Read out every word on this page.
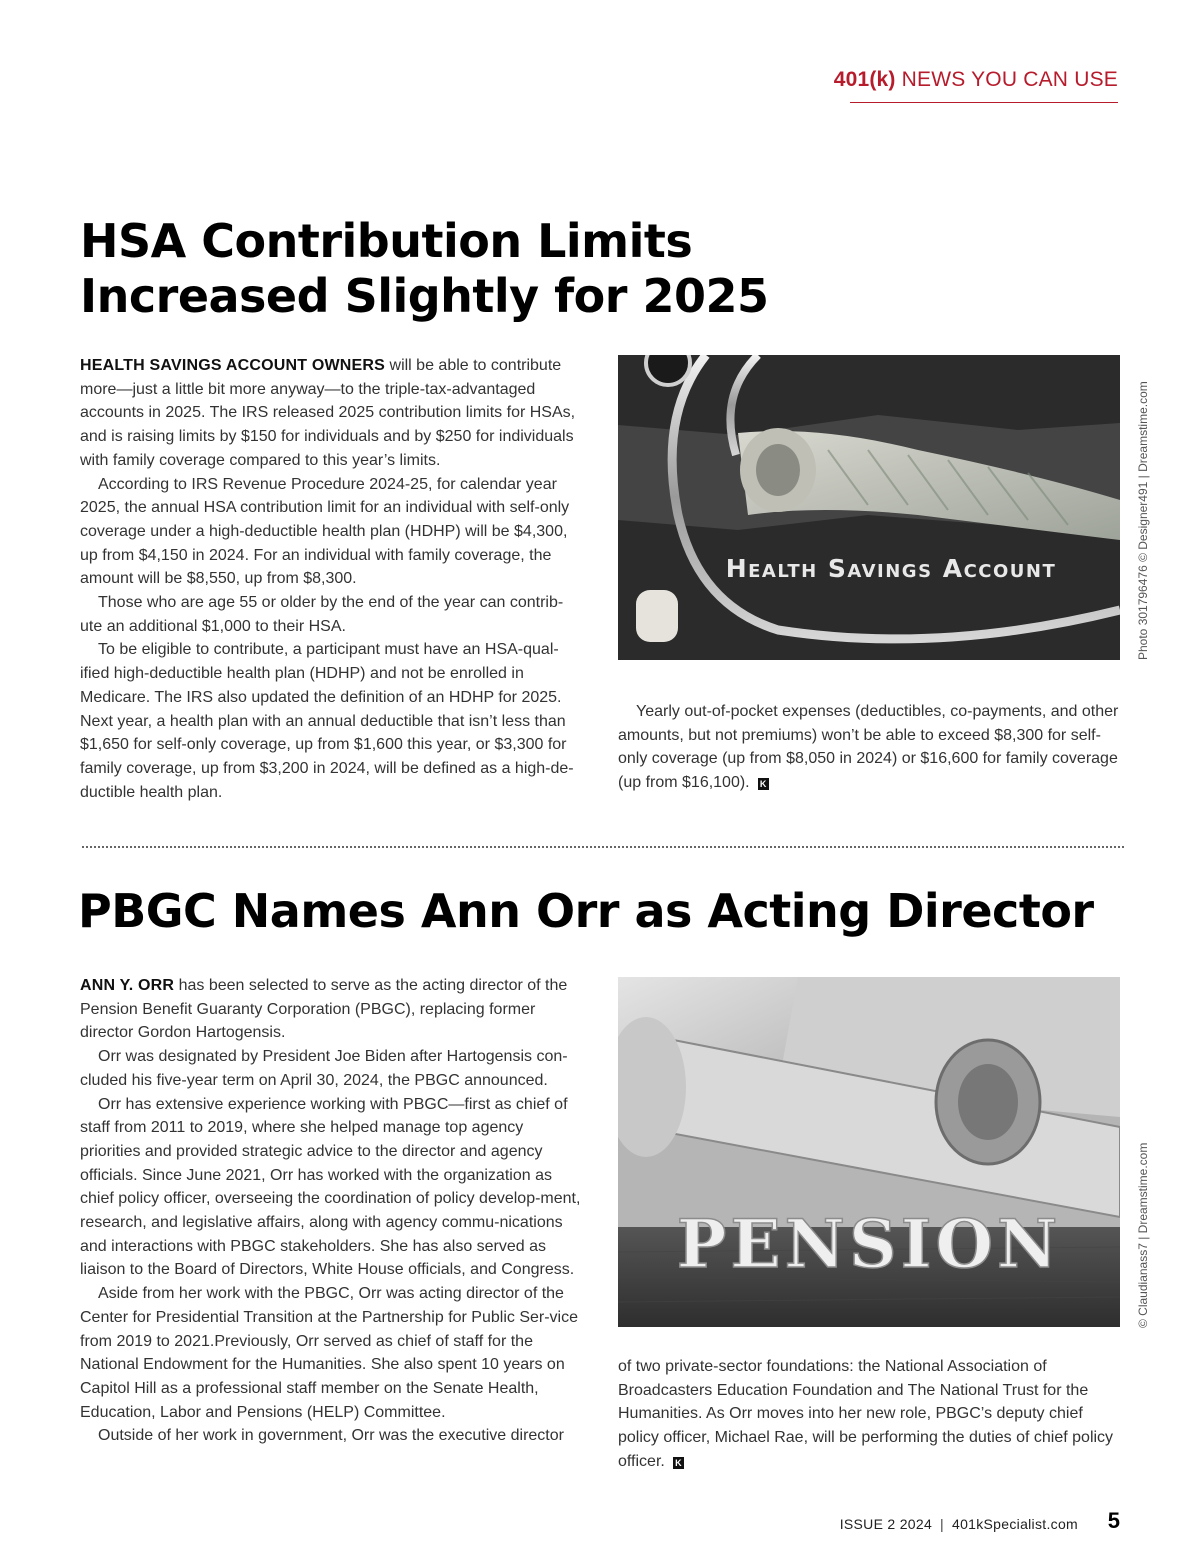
401(k) NEWS YOU CAN USE
HSA Contribution Limits Increased Slightly for 2025

HEALTH SAVINGS ACCOUNT OWNERS will be able to contribute more—just a little bit more anyway—to the triple-tax-advantaged accounts in 2025. The IRS released 2025 contribution limits for HSAs, and is raising limits by $150 for individuals and by $250 for individuals with family coverage compared to this year’s limits.

According to IRS Revenue Procedure 2024-25, for calendar year 2025, the annual HSA contribution limit for an individual with self-only coverage under a high-deductible health plan (HDHP) will be $4,300, up from $4,150 in 2024. For an individual with family coverage, the amount will be $8,550, up from $8,300.

Those who are age 55 or older by the end of the year can contrib-ute an additional $1,000 to their HSA.

To be eligible to contribute, a participant must have an HSA-qual-ified high-deductible health plan (HDHP) and not be enrolled in Medicare. The IRS also updated the definition of an HDHP for 2025. Next year, a health plan with an annual deductible that isn’t less than $1,650 for self-only coverage, up from $1,600 this year, or $3,300 for family coverage, up from $3,200 in 2024, will be defined as a high-de-ductible health plan.

Health Savings Account	Photo 301796476 © Designer491 | Dreamstime.com

Yearly out-of-pocket expenses (deductibles, co-payments, and other amounts, but not premiums) won’t be able to exceed $8,300 for self-only coverage (up from $8,050 in 2024) or $16,600 for family coverage (up from $16,100). K

PBGC Names Ann Orr as Acting Director

ANN Y. ORR has been selected to serve as the acting director of the Pension Benefit Guaranty Corporation (PBGC), replacing former director Gordon Hartogensis.

Orr was designated by President Joe Biden after Hartogensis con-cluded his five-year term on April 30, 2024, the PBGC announced.

Orr has extensive experience working with PBGC—first as chief of staff from 2011 to 2019, where she helped manage top agency priorities and provided strategic advice to the director and agency officials. Since June 2021, Orr has worked with the organization as chief policy officer, overseeing the coordination of policy develop-ment, research, and legislative affairs, along with agency commu-nications and interactions with PBGC stakeholders. She has also served as liaison to the Board of Directors, White House officials, and Congress.

Aside from her work with the PBGC, Orr was acting director of the Center for Presidential Transition at the Partnership for Public Ser-vice from 2019 to 2021.Previously, Orr served as chief of staff for the National Endowment for the Humanities. She also spent 10 years on Capitol Hill as a professional staff member on the Senate Health, Education, Labor and Pensions (HELP) Committee.

Outside of her work in government, Orr was the executive director

PENSION	© Claudianass7 | Dreamstime.com

of two private-sector foundations: the National Association of Broadcasters Education Foundation and The National Trust for the Humanities. As Orr moves into her new role, PBGC’s deputy chief policy officer, Michael Rae, will be performing the duties of chief policy officer. K

ISSUE 2 2024 | 401kSpecialist.com 5
